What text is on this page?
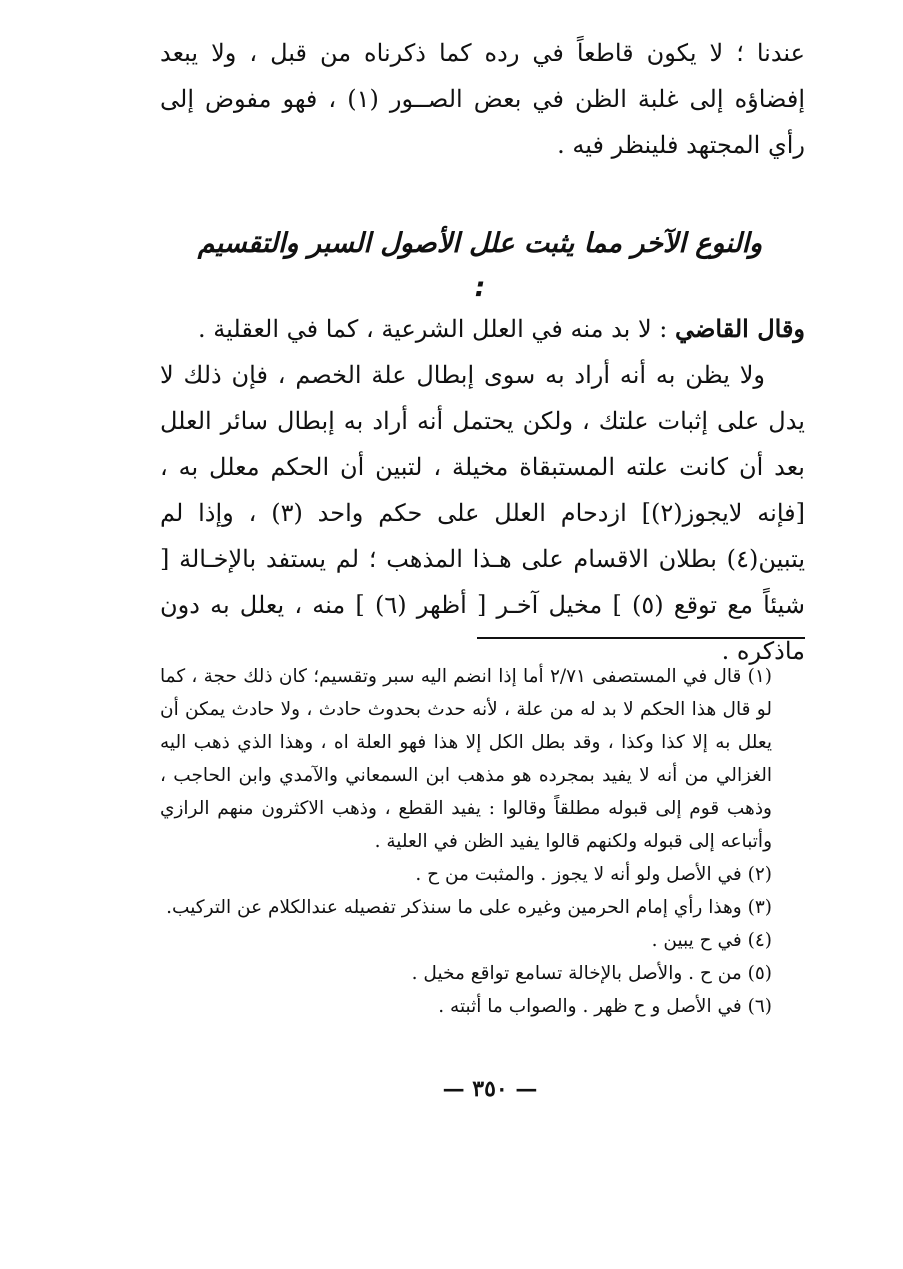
عندنا ؛ لا يكون قاطعاً في رده كما ذكرناه من قبل ، ولا يبعد إفضاؤه إلى غلبة الظن في بعض الصــور (١) ، فهو مفوض إلى رأي المجتهد فلينظر فيه .

والنوع الآخر مما يثبت علل الأصول السبر والتقسيم :

وقال القاضي : لا بد منه في العلل الشرعية ، كما في العقلية .

ولا يظن به أنه أراد به سوى إبطال علة الخصم ، فإن ذلك لا يدل على إثبات علتك ، ولكن يحتمل أنه أراد به إبطال سائر العلل بعد أن كانت علته المستبقاة مخيلة ، لتبين أن الحكم معلل به ، [فإنه لايجوز(٢)] ازدحام العلل على حكم واحد (٣) ، وإذا لم يتبين(٤) بطلان الاقسام على هـذا المذهب ؛ لم يستفد بالإخـالة [ شيئاً مع توقع (٥) ] مخيل آخـر [ أظهر (٦) ] منه ، يعلل به دون ماذكره .

(١) قال في المستصفى ٢/٧١ أما إذا انضم اليه سبر وتقسيم؛ كان ذلك حجة ، كما لو قال هذا الحكم لا بد له من علة ، لأنه حدث بحدوث حادث ، ولا حادث يمكن أن يعلل به إلا كذا وكذا ، وقد بطل الكل إلا هذا فهو العلة اه ، وهذا الذي ذهب اليه الغزالي من أنه لا يفيد بمجرده هو مذهب ابن السمعاني والآمدي وابن الحاجب ، وذهب قوم إلى قبوله مطلقاً وقالوا : يفيد القطع ، وذهب الاكثرون منهم الرازي وأتباعه إلى قبوله ولكنهم قالوا يفيد الظن في العلية .

(٢) في الأصل ولو أنه لا يجوز . والمثبت من ح .

(٣) وهذا رأي إمام الحرمين وغيره على ما سنذكر تفصيله عندالكلام عن التركيب.

(٤) في ح يبين .

(٥) من ح . والأصل بالإخالة تسامع تواقع مخيل .

(٦) في الأصل و ح ظهر . والصواب ما أثبته .

— ٣٥٠ —
